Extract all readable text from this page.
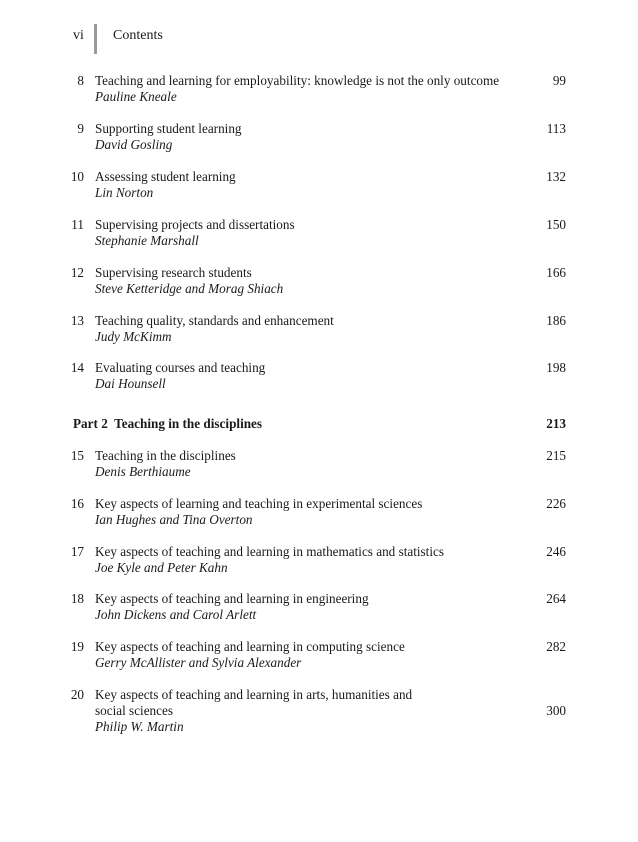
vi Contents
8 Teaching and learning for employability: knowledge is not the only outcome
Pauline Kneale
99
9 Supporting student learning
David Gosling
113
10 Assessing student learning
Lin Norton
132
11 Supervising projects and dissertations
Stephanie Marshall
150
12 Supervising research students
Steve Ketteridge and Morag Shiach
166
13 Teaching quality, standards and enhancement
Judy McKimm
186
14 Evaluating courses and teaching
Dai Hounsell
198
Part 2  Teaching in the disciplines	213
15 Teaching in the disciplines
Denis Berthiaume
215
16 Key aspects of learning and teaching in experimental sciences
Ian Hughes and Tina Overton
226
17 Key aspects of teaching and learning in mathematics and statistics
Joe Kyle and Peter Kahn
246
18 Key aspects of teaching and learning in engineering
John Dickens and Carol Arlett
264
19 Key aspects of teaching and learning in computing science
Gerry McAllister and Sylvia Alexander
282
20 Key aspects of teaching and learning in arts, humanities and
social sciences
Philip W. Martin
300
